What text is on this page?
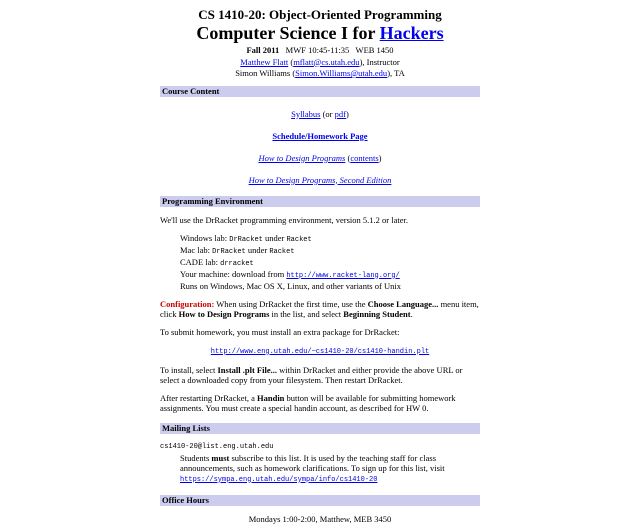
CS 1410-20: Object-Oriented Programming
Computer Science I for Hackers
Fall 2011 MWF 10:45-11:35 WEB 1450
Matthew Flatt (mflatt@cs.utah.edu), Instructor
Simon Williams (Simon.Williams@utah.edu), TA
Course Content
Syllabus (or pdf)
Schedule/Homework Page
How to Design Programs (contents)
How to Design Programs, Second Edition
Programming Environment
We'll use the DrRacket programming environment, version 5.1.2 or later.
Windows lab: DrRacket under Racket
Mac lab: DrRacket under Racket
CADE lab: drracket
Your machine: download from http://www.racket-lang.org/
Runs on Windows, Mac OS X, Linux, and other variants of Unix
Configuration: When using DrRacket the first time, use the Choose Language... menu item, click How to Design Programs in the list, and select Beginning Student.
To submit homework, you must install an extra package for DrRacket:
http://www.eng.utah.edu/~cs1410-20/cs1410-handin.plt
To install, select Install .plt File... within DrRacket and either provide the above URL or select a downloaded copy from your filesystem. Then restart DrRacket.
After restarting DrRacket, a Handin button will be available for submitting homework assignments. You must create a special handin account, as described for HW 0.
Mailing Lists
cs1410-20@list.eng.utah.edu
Students must subscribe to this list. It is used by the teaching staff for class announcements, such as homework clarifications. To sign up for this list, visit
https://sympa.eng.utah.edu/sympa/info/cs1410-20
Office Hours
Mondays 1:00-2:00, Matthew, MEB 3450
